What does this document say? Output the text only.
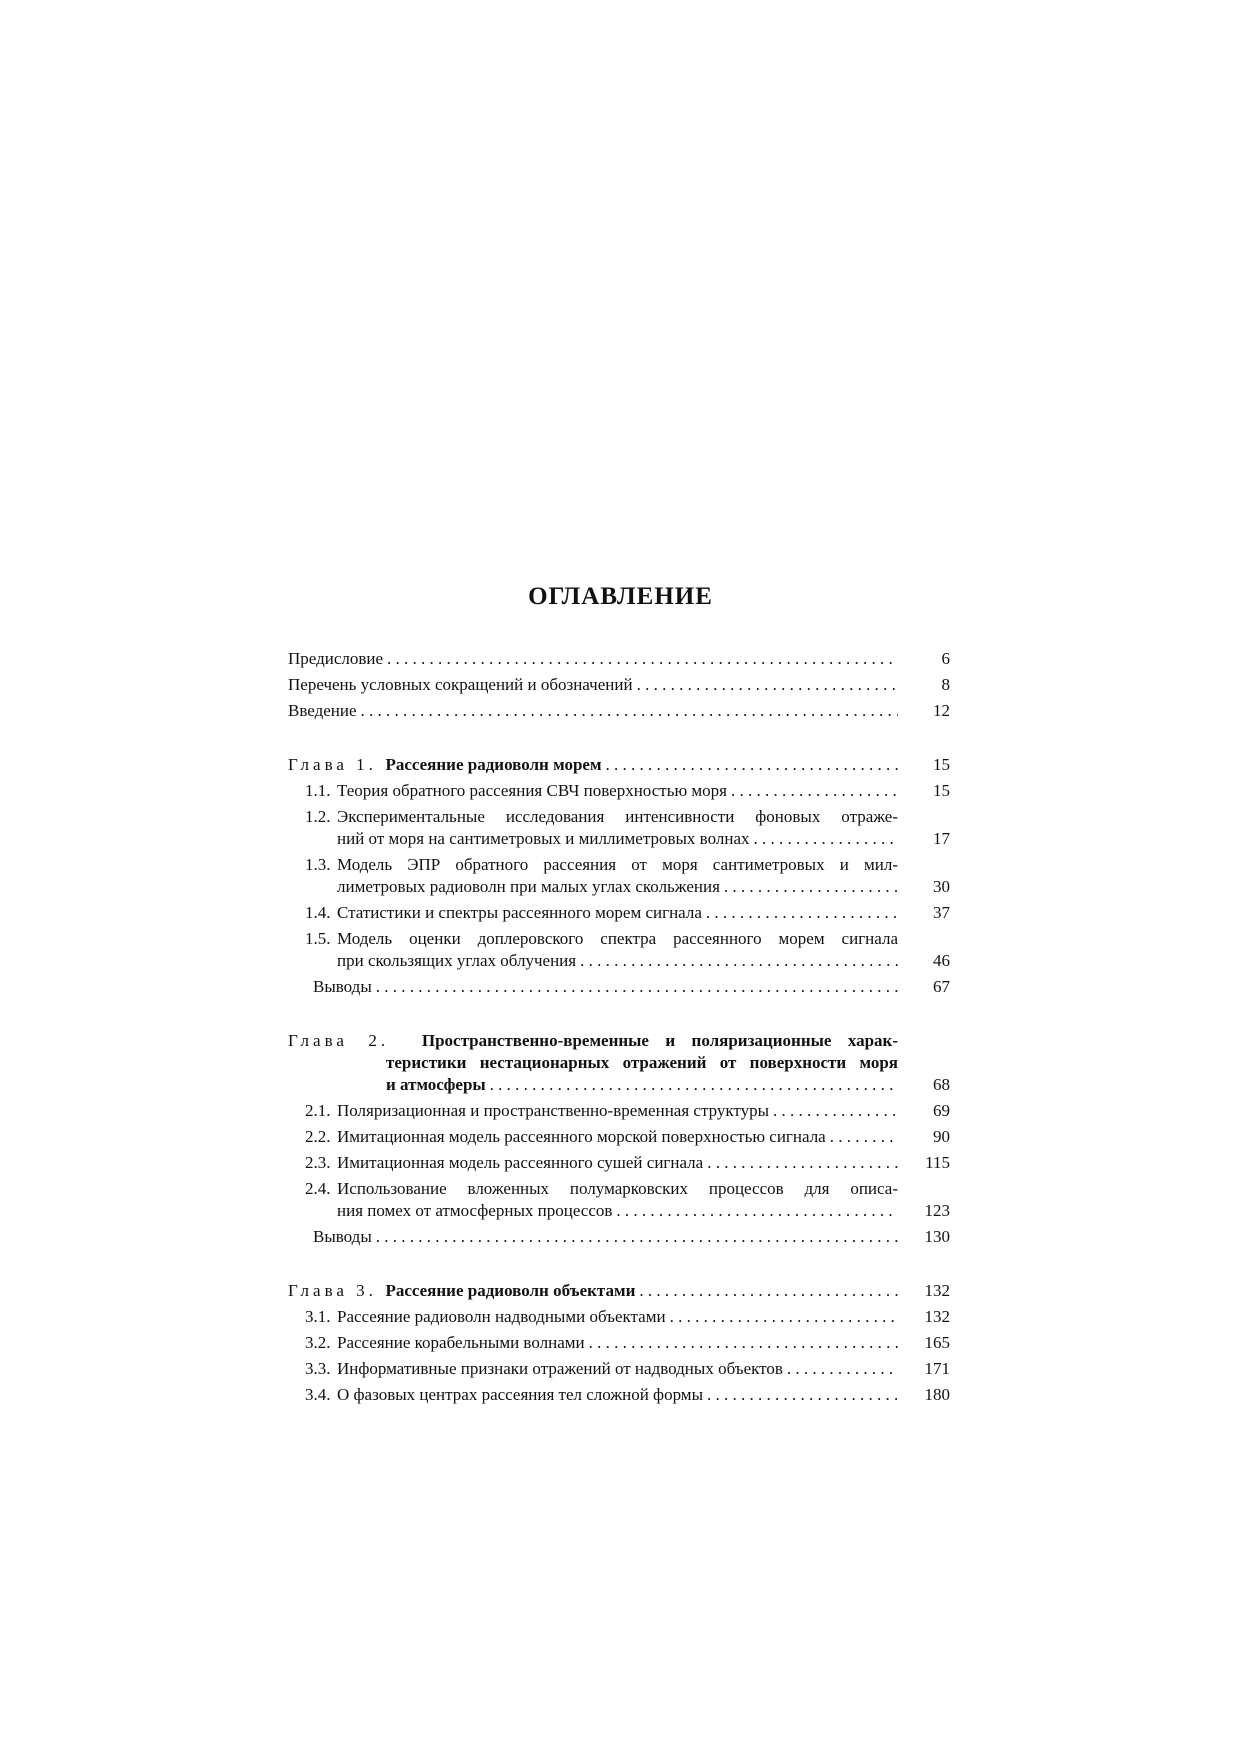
ОГЛАВЛЕНИЕ
Предисловие . . .	6
Перечень условных сокращений и обозначений . . .	8
Введение . . .	12
Глава 1. Рассеяние радиоволн морем . . .	15
1.1. Теория обратного рассеяния СВЧ поверхностью моря . . .	15
1.2. Экспериментальные исследования интенсивности фоновых отраже-
ний от моря на сантиметровых и миллиметровых волнах . . .	17
1.3. Модель ЭПР обратного рассеяния от моря сантиметровых и мил-
лиметровых радиоволн при малых углах скольжения . . .	30
1.4. Статистики и спектры рассеянного морем сигнала . . .	37
1.5. Модель оценки доплеровского спектра рассеянного морем сигнала
при скользящих углах облучения . . .	46
Выводы . . .	67
Глава 2. Пространственно-временные и поляризационные харак-
теристики нестационарных отражений от поверхности моря
и атмосферы . . .	68
2.1. Поляризационная и пространственно-временная структуры . . .	69
2.2. Имитационная модель рассеянного морской поверхностью сигнала . . .	90
2.3. Имитационная модель рассеянного сушей сигнала . . .	115
2.4. Использование вложенных полумарковских процессов для описа-
ния помех от атмосферных процессов . . .	123
Выводы . . .	130
Глава 3. Рассеяние радиоволн объектами . . .	132
3.1. Рассеяние радиоволн надводными объектами . . .	132
3.2. Рассеяние корабельными волнами . . .	165
3.3. Информативные признаки отражений от надводных объектов . . .	171
3.4. О фазовых центрах рассеяния тел сложной формы . . .	180
